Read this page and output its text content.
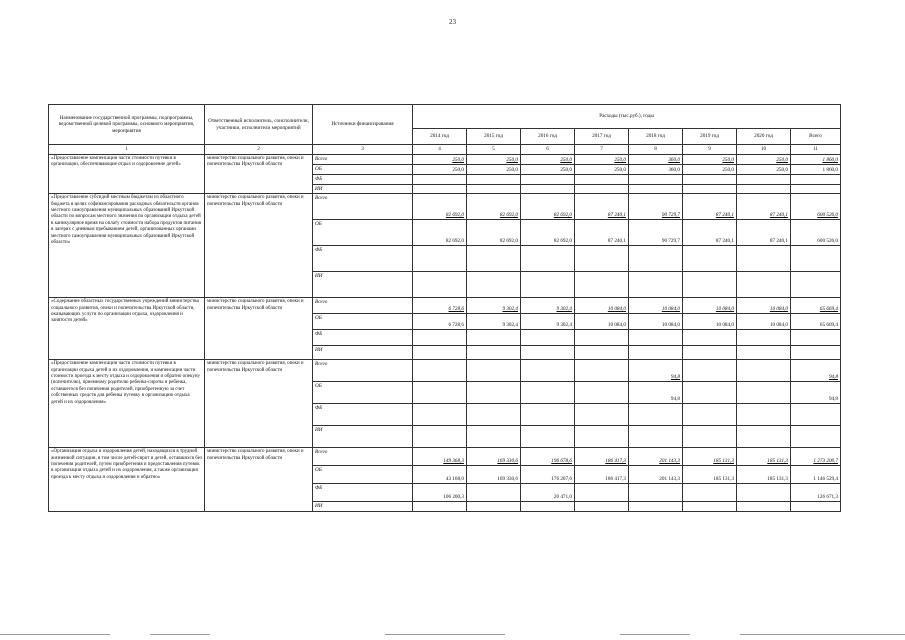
23
Наименование государственной программы, подпрограммы, ведомственной целевой программы, основного мероприятия, мероприятия	Ответственный исполнитель, соисполнители, участники, исполнители мероприятий	Источники финансирования	Расходы (тыс.руб.), годы							
			2014 год	2015 год	2016 год	2017 год	2018 год	2019 год	2020 год	Всего
1	2	3	4	5	6	7	8	9	10	11
«Предоставление компенсации части стоимости путевки в организации, обеспечивающие отдых и оздоровление детей»	министерство социального развития, опеки и попечительства Иркутской области	Всего	250,0	250,0	250,0	250,0	360,0	250,0	250,0	1 860,0
		ОБ	250,0	250,0	250,0	250,0	360,0	250,0	250,0	1 860,0
		ФБ								
		ИИ								
«Предоставление субсидий местным бюджетам из областного бюджета в целях софинансирования расходных обязательств органов местного самоуправления муниципальных образований Иркутской области по вопросам местного значения по организации отдыха детей в каникулярное время на оплату стоимости набора продуктов питания в лагерях с дневным пребыванием детей, организованных органами местного самоуправления муниципальных образований Иркутской области»	министерство социального развития, опеки и попечительства Иркутской области	Всего	82 692,0	82 692,0	82 692,0	87 240,1	90 729,7	87 240,1	87 240,1	600 526,0
		ОБ	82 692,0	82 692,0	82 692,0	87 240,1	90 729,7	87 240,1	87 240,1	600 526,0
		ФБ								
		ИИ								
«Содержание областных государственных учреждений министерства социального развития, опеки и попечительства Иркутской области, оказывающих услуги по организации отдыха, оздоровления и занятости детей»	министерство социального развития, опеки и попечительства Иркутской области	Всего	6 728,6	9 302,4	9 302,4	10 084,0	10 084,0	10 084,0	10 084,0	65 669,4
		ОБ	6 728,6	9 302,4	9 302,4	10 084,0	10 084,0	10 084,0	10 084,0	65 669,4
		ФБ								
		ИИ								
«Предоставление компенсации части стоимости путевки в организации отдыха детей и их оздоровления, и компенсации части стоимости проезда к месту отдыха и оздоровления и обратно опекуну (попечителю), приемному родителю ребенка-сироты и ребенка, оставшегося без попечения родителей, приобретенную за счет собственных средств для ребенка путевку в организацию отдыха детей и их оздоровления»	министерство социального развития, опеки и попечительства Иркутской области	Всего					94,8			94,8
		ОБ					94,8			94,8
		ФБ								
		ИИ								
«Организация отдыха и оздоровления детей, находящихся в трудной жизненной ситуации, в том числе детей-сирот и детей, оставшихся без попечения родителей, путем приобретения и предоставления путевок в организации отдыха детей и их оздоровления, а также организация проезда к месту отдыха и оздоровления и обратно»	министерство социального развития, опеки и попечительства Иркутской области	Всего	149 368,3	169 330,6	196 678,6	186 417,3	201 143,3	185 131,3	185 131,3	1 273 200,7
		ОБ	43 168,0	169 330,6	176 207,6	186 417,3	201 143,3	185 131,3	185 131,3	1 146 529,4
		ФБ	106 200,3		20 471,0					126 671,3
		ИИ								
